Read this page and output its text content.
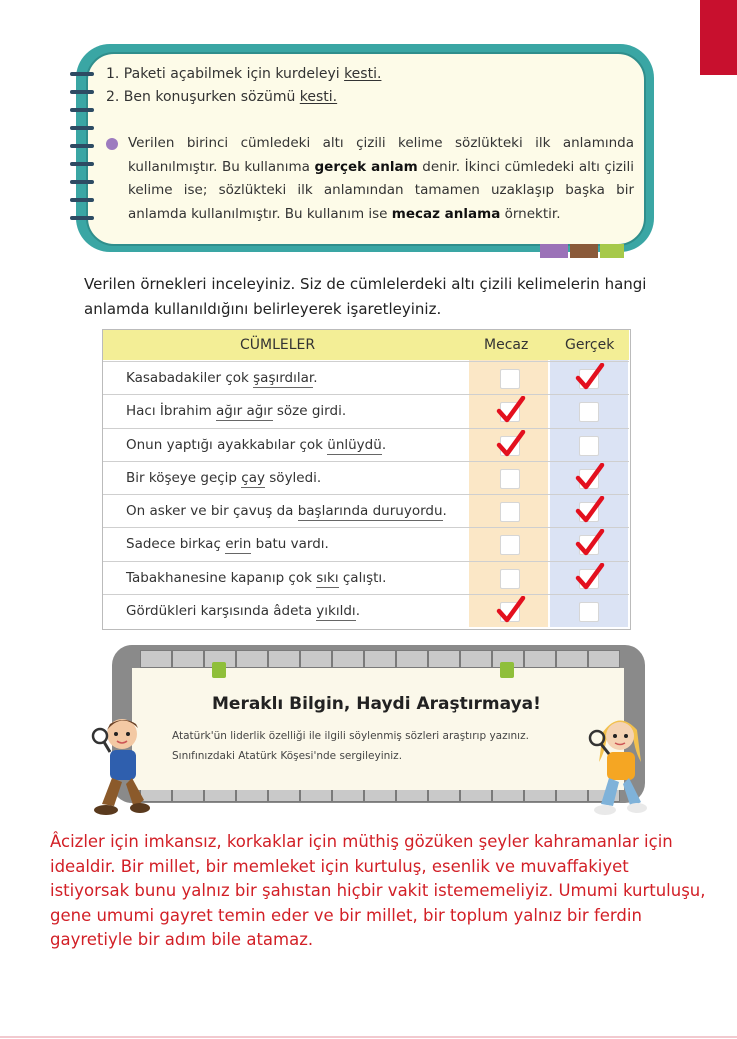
1. Paketi açabilmek için kurdeleyi kesti.
2. Ben konuşurken sözümü kesti.
Verilen birinci cümledeki altı çizili kelime sözlükteki ilk anlamında kullanılmıştır. Bu kullanıma gerçek anlam denir. İkinci cümledeki altı çizili kelime ise; sözlükteki ilk anlamından tamamen uzaklaşıp başka bir anlamda kullanılmıştır. Bu kullanım ise mecaz anlama örnektir.
Verilen örnekleri inceleyiniz. Siz de cümlelerdeki altı çizili kelimelerin hangi anlamda kullanıldığını belirleyerek işaretleyiniz.
CÜMLELER	Mecaz	Gerçek
Kasabadakiler çok şaşırdılar.
Hacı İbrahim ağır ağır söze girdi.
Onun yaptığı ayakkabılar çok ünlüydü.
Bir köşeye geçip çay söyledi.
On asker ve bir çavuş da başlarında duruyordu.
Sadece birkaç erin batu vardı.
Tabakhanesine kapanıp çok sıkı çalıştı.
Gördükleri karşısında âdeta yıkıldı.
Meraklı Bilgin, Haydi Araştırmaya!
Atatürk'ün liderlik özelliği ile ilgili söylenmiş sözleri araştırıp yazınız. Sınıfınızdaki Atatürk Köşesi'nde sergileyiniz.
Âcizler için imkansız, korkaklar için müthiş gözüken şeyler kahramanlar için idealdir. Bir millet, bir memleket için kurtuluş, esenlik ve muvaffakiyet istiyorsak bunu yalnız bir şahıstan hiçbir vakit istememeliyiz. Umumi kurtuluşu, gene umumi gayret temin eder ve bir millet, bir toplum yalnız bir ferdin gayretiyle bir adım bile atamaz.
